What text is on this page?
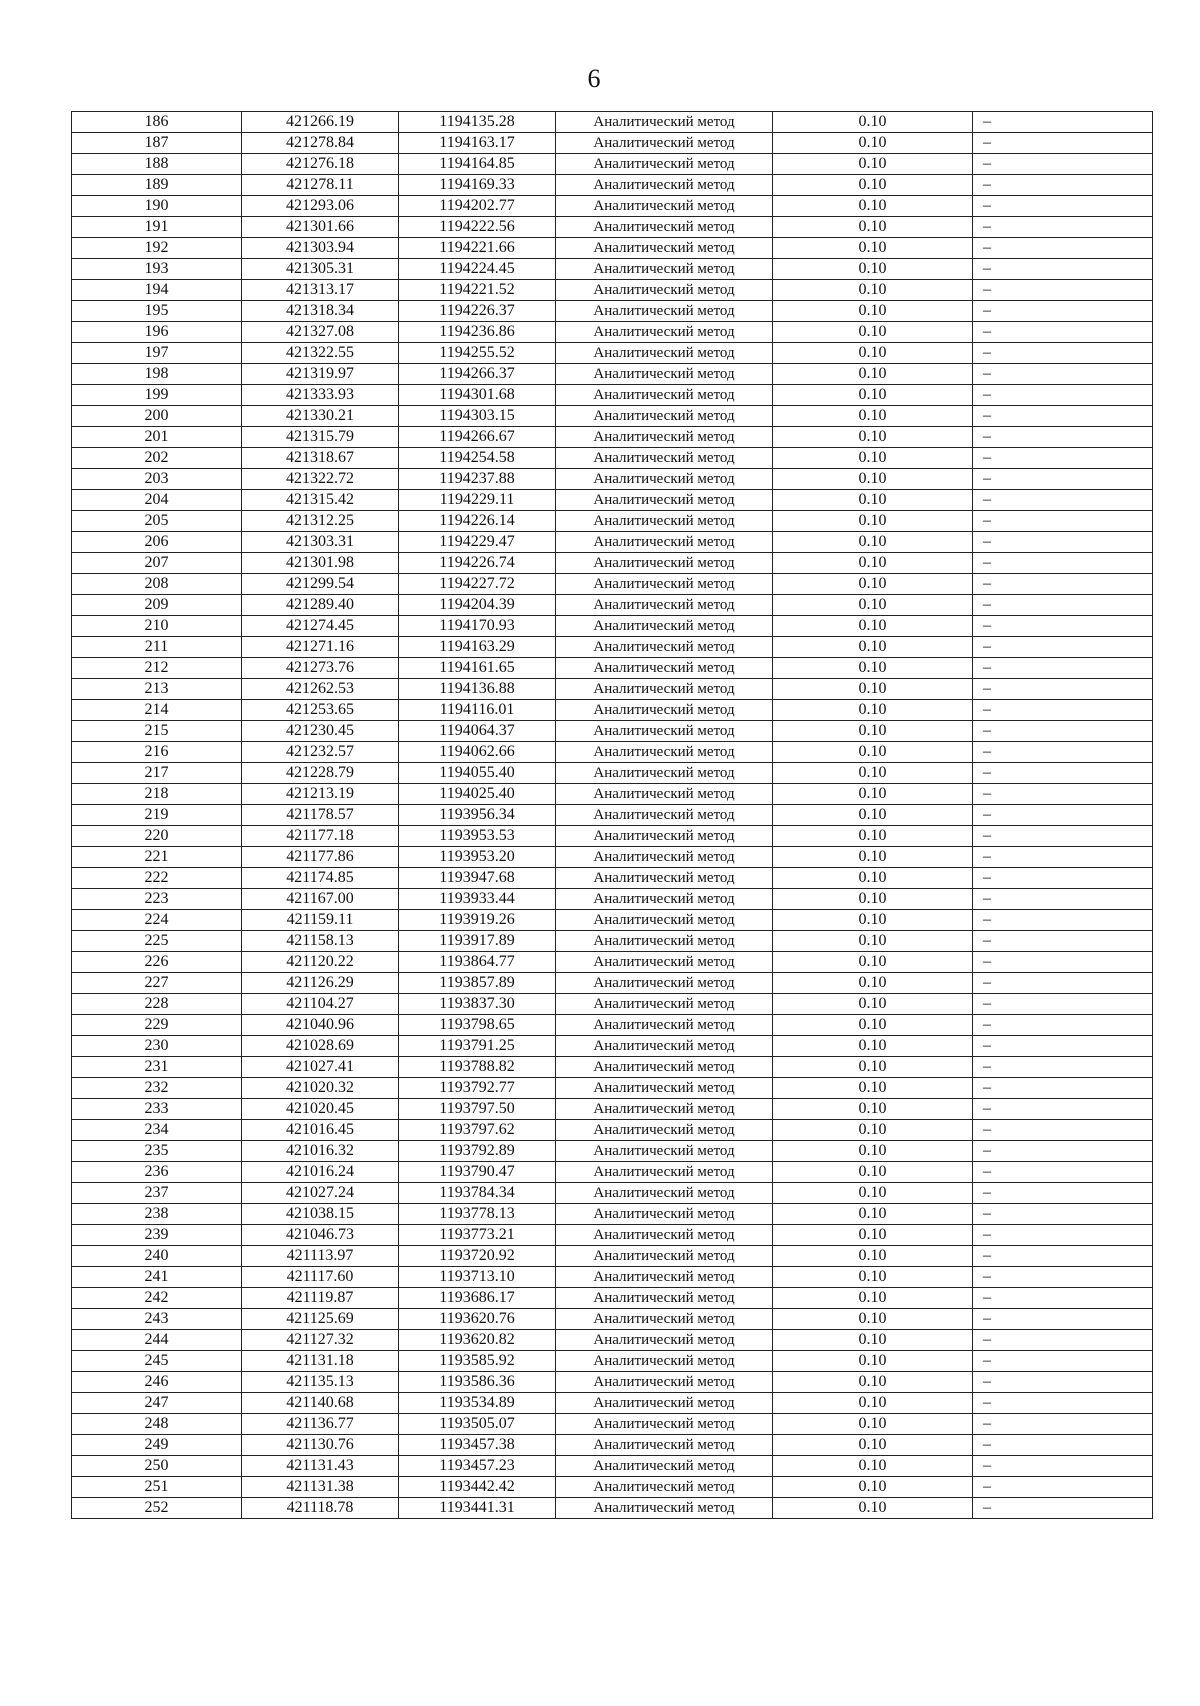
6
186	421266.19	1194135.28	Аналитический метод	0.10	–
187	421278.84	1194163.17	Аналитический метод	0.10	–
188	421276.18	1194164.85	Аналитический метод	0.10	–
189	421278.11	1194169.33	Аналитический метод	0.10	–
190	421293.06	1194202.77	Аналитический метод	0.10	–
191	421301.66	1194222.56	Аналитический метод	0.10	–
192	421303.94	1194221.66	Аналитический метод	0.10	–
193	421305.31	1194224.45	Аналитический метод	0.10	–
194	421313.17	1194221.52	Аналитический метод	0.10	–
195	421318.34	1194226.37	Аналитический метод	0.10	–
196	421327.08	1194236.86	Аналитический метод	0.10	–
197	421322.55	1194255.52	Аналитический метод	0.10	–
198	421319.97	1194266.37	Аналитический метод	0.10	–
199	421333.93	1194301.68	Аналитический метод	0.10	–
200	421330.21	1194303.15	Аналитический метод	0.10	–
201	421315.79	1194266.67	Аналитический метод	0.10	–
202	421318.67	1194254.58	Аналитический метод	0.10	–
203	421322.72	1194237.88	Аналитический метод	0.10	–
204	421315.42	1194229.11	Аналитический метод	0.10	–
205	421312.25	1194226.14	Аналитический метод	0.10	–
206	421303.31	1194229.47	Аналитический метод	0.10	–
207	421301.98	1194226.74	Аналитический метод	0.10	–
208	421299.54	1194227.72	Аналитический метод	0.10	–
209	421289.40	1194204.39	Аналитический метод	0.10	–
210	421274.45	1194170.93	Аналитический метод	0.10	–
211	421271.16	1194163.29	Аналитический метод	0.10	–
212	421273.76	1194161.65	Аналитический метод	0.10	–
213	421262.53	1194136.88	Аналитический метод	0.10	–
214	421253.65	1194116.01	Аналитический метод	0.10	–
215	421230.45	1194064.37	Аналитический метод	0.10	–
216	421232.57	1194062.66	Аналитический метод	0.10	–
217	421228.79	1194055.40	Аналитический метод	0.10	–
218	421213.19	1194025.40	Аналитический метод	0.10	–
219	421178.57	1193956.34	Аналитический метод	0.10	–
220	421177.18	1193953.53	Аналитический метод	0.10	–
221	421177.86	1193953.20	Аналитический метод	0.10	–
222	421174.85	1193947.68	Аналитический метод	0.10	–
223	421167.00	1193933.44	Аналитический метод	0.10	–
224	421159.11	1193919.26	Аналитический метод	0.10	–
225	421158.13	1193917.89	Аналитический метод	0.10	–
226	421120.22	1193864.77	Аналитический метод	0.10	–
227	421126.29	1193857.89	Аналитический метод	0.10	–
228	421104.27	1193837.30	Аналитический метод	0.10	–
229	421040.96	1193798.65	Аналитический метод	0.10	–
230	421028.69	1193791.25	Аналитический метод	0.10	–
231	421027.41	1193788.82	Аналитический метод	0.10	–
232	421020.32	1193792.77	Аналитический метод	0.10	–
233	421020.45	1193797.50	Аналитический метод	0.10	–
234	421016.45	1193797.62	Аналитический метод	0.10	–
235	421016.32	1193792.89	Аналитический метод	0.10	–
236	421016.24	1193790.47	Аналитический метод	0.10	–
237	421027.24	1193784.34	Аналитический метод	0.10	–
238	421038.15	1193778.13	Аналитический метод	0.10	–
239	421046.73	1193773.21	Аналитический метод	0.10	–
240	421113.97	1193720.92	Аналитический метод	0.10	–
241	421117.60	1193713.10	Аналитический метод	0.10	–
242	421119.87	1193686.17	Аналитический метод	0.10	–
243	421125.69	1193620.76	Аналитический метод	0.10	–
244	421127.32	1193620.82	Аналитический метод	0.10	–
245	421131.18	1193585.92	Аналитический метод	0.10	–
246	421135.13	1193586.36	Аналитический метод	0.10	–
247	421140.68	1193534.89	Аналитический метод	0.10	–
248	421136.77	1193505.07	Аналитический метод	0.10	–
249	421130.76	1193457.38	Аналитический метод	0.10	–
250	421131.43	1193457.23	Аналитический метод	0.10	–
251	421131.38	1193442.42	Аналитический метод	0.10	–
252	421118.78	1193441.31	Аналитический метод	0.10	–
